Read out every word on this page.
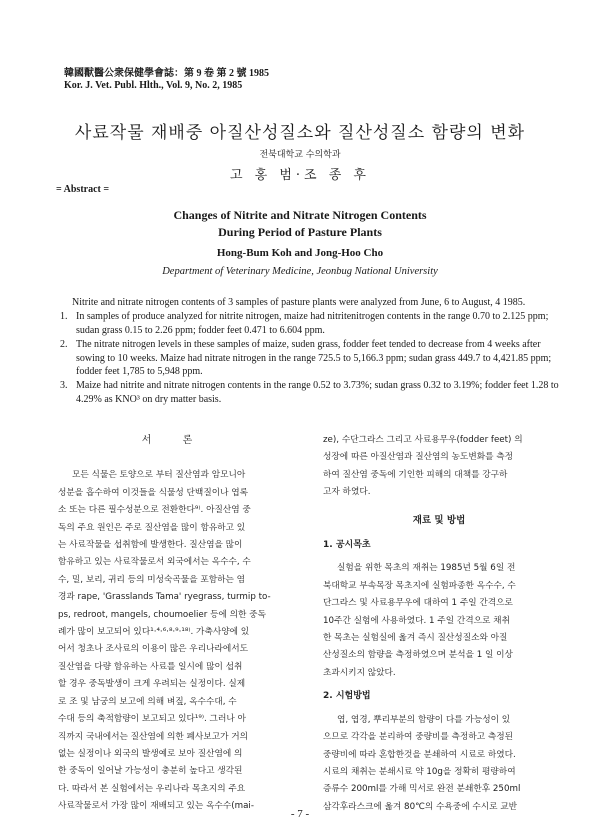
韓國獸醫公衆保健學會誌：第 9 卷 第 2 號 1985
Kor. J. Vet. Publ. Hlth., Vol. 9, No. 2, 1985
사료작물 재배중 아질산성질소와 질산성질소 함량의 변화
전북대학교 수의학과
고 홍 범·조 종 후
= Abstract =
Changes of Nitrite and Nitrate Nitrogen Contents
During Period of Pasture Plants
Hong-Bum Koh and Jong-Hoo Cho
Department of Veterinary Medicine, Jeonbug National University
Nitrite and nitrate nitrogen contents of 3 samples of pasture plants were analyzed from June, 6 to August, 4 1985.
1. In samples of produce analyzed for nitrite nitrogen, maize had nitritenitrogen contents in the range 0.70 to 2.125 ppm; sudan grass 0.15 to 2.26 ppm; fodder feet 0.471 to 6.604 ppm.
2. The nitrate nitrogen levels in these samples of maize, suden grass, fodder feet tended to decrease from 4 weeks after sowing to 10 weeks. Maize had nitrate nitrogen in the range 725.5 to 5,166.3 ppm; sudan grass 449.7 to 4,421.85 ppm; fodder feet 1,785 to 5,948 ppm.
3. Maize had nitrite and nitrate nitrogen contents in the range 0.52 to 3.73%; sudan grass 0.32 to 3.19%; fodder feet 1.28 to 4.29% as KNO³ on dry matter basis.
서 론
모든 식물은 토양으로 부터 질산염과 암모니아
성분을 흡수하여 이것들을 식물성 단백질이나 엽록
소 또는 다른 필수성분으로 전환한다⁹⁾. 아질산염 중
독의 주요 원인은 주로 질산염을 많이 함유하고 있
는 사료작물을 섭취함에 발생한다. 질산염을 많이
함유하고 있는 사료작물로서 외국에서는 옥수수, 수
수, 밀, 보리, 귀리 등의 미성숙곡물을 포함하는 염
경과 rape, 'Grasslands Tama' ryegrass, turmip to-
ps, redroot, mangels, choumoelier 등에 의한 중독
례가 많이 보고되어 있다¹·⁴·⁶·⁸·⁹·¹⁸⁾. 가축사양에 있
어서 청초나 조사료의 이용이 많은 우리나라에서도
질산염을 다량 함유하는 사료를 일시에 많이 섭취
할 경우 중독발생이 크게 우려되는 실정이다. 실제
로 조 및 남궁의 보고에 의해 벼짚, 옥수수대, 수
수대 등의 축적함량이 보고되고 있다¹⁹⁾. 그러나 아
직까지 국내에서는 질산염에 의한 폐사보고가 거의
없는 실정이나 외국의 발생예로 보아 질산염에 의
한 중독이 일어날 가능성이 충분히 높다고 생각된
다. 따라서 본 실험에서는 우리나라 목초지의 주요
사료작물로서 가장 많이 재배되고 있는 옥수수(mai-
ze), 수단그라스 그리고 사료용무우(fodder feet) 의
성장에 따른 아질산염과 질산염의 농도변화를 측정
하여 질산염 중독에 기인한 피해의 대책를 강구하
고자 하였다.
재료 및 방법
1. 공시목초
실험을 위한 목초의 재취는 1985년 5월 6일 전
북대학교 부속목장 목초지에 실험파종한 옥수수, 수
단그라스 및 사료용무우에 대하여 1 주일 간격으로
10주간 실험에 사용하였다. 1 주일 간격으로 채취
한 목초는 실험실에 옮겨 즉시 질산성질소와 아질
산성질소의 함량을 측정하였으며 분석을 1 일 이상
초과시키지 않았다.
2. 시험방법
엽, 엽경, 뿌리부분의 함량이 다를 가능성이 있
으므로 각각을 분리하여 중량비를 측정하고 측정된
중량비에 따라 혼합한것을 분쇄하여 시료로 하였다.
시료의 채취는 분쇄시료 약 10g을 정확히 평량하여
증류수 200ml를 가해 믹서로 완전 분쇄한후 250ml
삼각후라스크에 옮겨 80℃의 수욕중에 수시로 교반
- 7 -
